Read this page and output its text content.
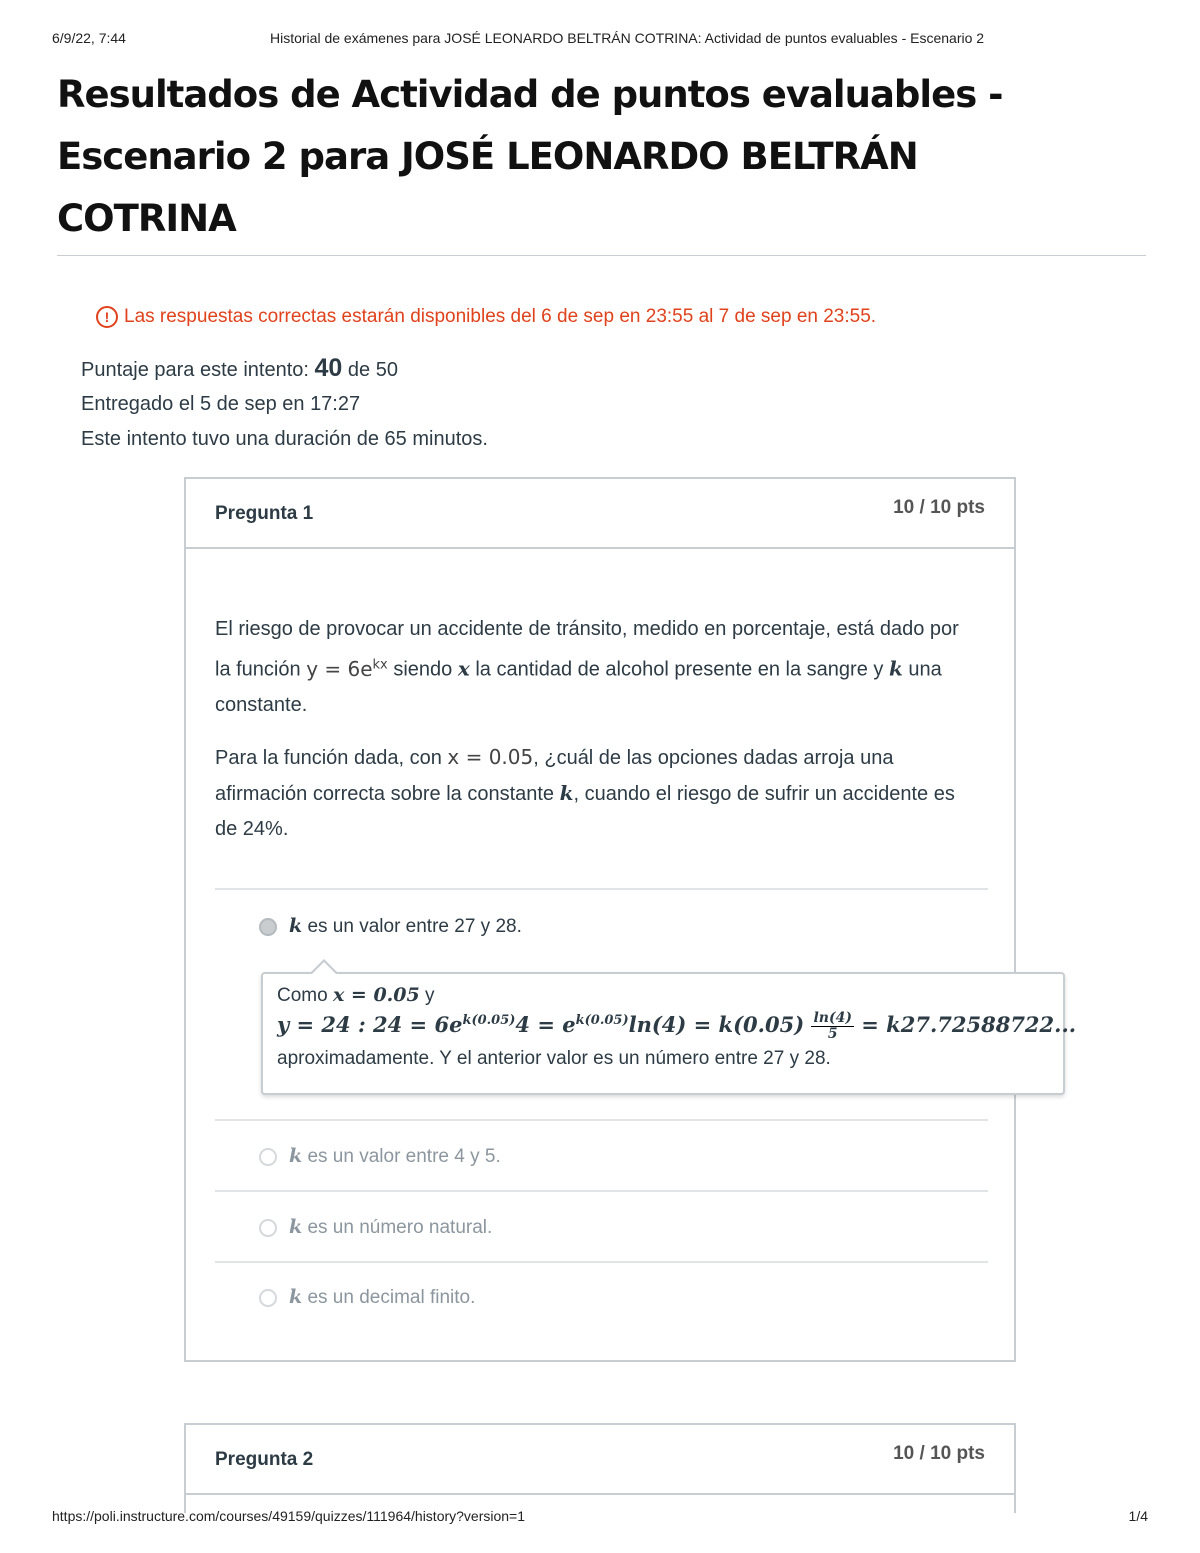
6/9/22, 7:44	Historial de exámenes para JOSÉ LEONARDO BELTRÁN COTRINA: Actividad de puntos evaluables - Escenario 2
Resultados de Actividad de puntos evaluables -
Escenario 2 para JOSÉ LEONARDO BELTRÁN
COTRINA
! Las respuestas correctas estarán disponibles del 6 de sep en 23:55 al 7 de sep en 23:55.
Puntaje para este intento: 40 de 50
Entregado el 5 de sep en 17:27
Este intento tuvo una duración de 65 minutos.
Pregunta 1	10 / 10 pts

El riesgo de provocar un accidente de tránsito, medido en porcentaje, está dado por la función $y = 6e^{kx}$ siendo x la cantidad de alcohol presente en la sangre y k una constante.

Para la función dada, con x = 0.05, ¿cuál de las opciones dadas arroja una afirmación correcta sobre la constante k, cuando el riesgo de sufrir un accidente es de 24%.

k es un valor entre 27 y 28.
Como x = 0.05 y
y = 24 : $24 = 6e^{k(0.05)}4 = e^{k(0.05)}\ln(4) = k(0.05) \frac{\ln(4)}{5} = k27.72588722$...
aproximadamente. Y el anterior valor es un número entre 27 y 28.
k es un valor entre 4 y 5.
k es un número natural.
k es un decimal finito.
Pregunta 2	10 / 10 pts
https://poli.instructure.com/courses/49159/quizzes/111964/history?version=1	1/4
